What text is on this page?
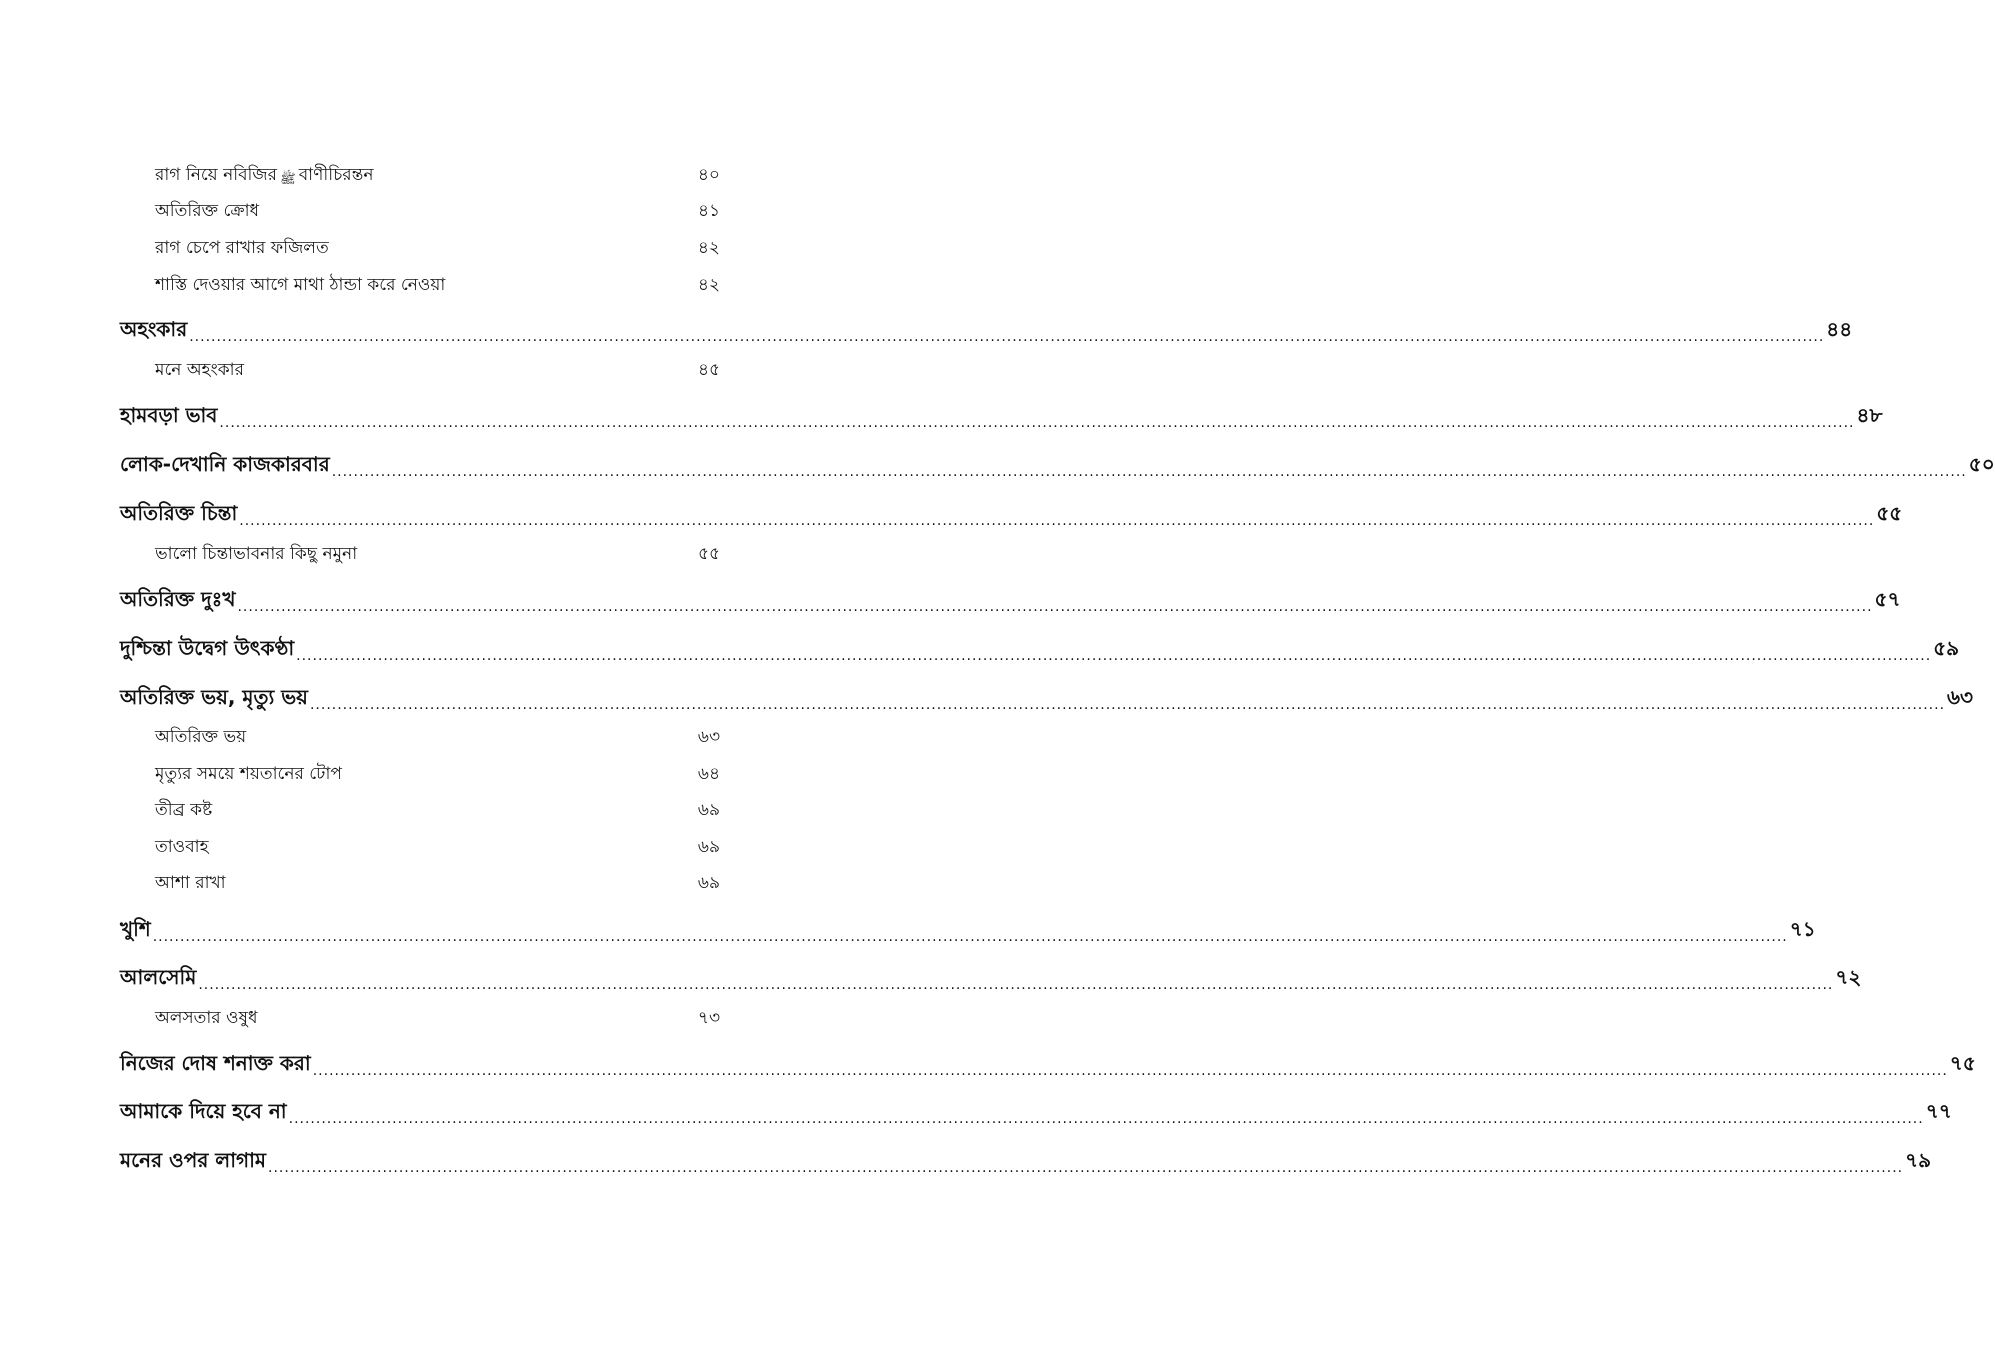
রাগ নিয়ে নবিজির ﷺ বাণীচিরন্তন	৪০
অতিরিক্ত ক্রোধ	৪১
রাগ চেপে রাখার ফজিলত	৪২
শাস্তি দেওয়ার আগে মাথা ঠান্ডা করে নেওয়া	৪২
অহংকার ............................................................................................................................................................................................................................................................................................................ ৪৪
মনে অহংকার	৪৫
হামবড়া ভাব ............................................................................................................................................................................................................................................................................................................ ৪৮
লোক-দেখানি কাজকারবার ............................................................................................................................................................................................................................................................................................................ ৫০
অতিরিক্ত চিন্তা ............................................................................................................................................................................................................................................................................................................ ৫৫
ভালো চিন্তাভাবনার কিছু নমুনা	৫৫
অতিরিক্ত দুঃখ ............................................................................................................................................................................................................................................................................................................ ৫৭
দুশ্চিন্তা উদ্বেগ উৎকণ্ঠা ............................................................................................................................................................................................................................................................................................................ ৫৯
অতিরিক্ত ভয়, মৃত্যু ভয় ............................................................................................................................................................................................................................................................................................................ ৬৩
অতিরিক্ত ভয়	৬৩
মৃত্যুর সময়ে শয়তানের টোপ	৬৪
তীব্র কষ্ট	৬৯
তাওবাহ	৬৯
আশা রাখা	৬৯
খুশি ............................................................................................................................................................................................................................................................................................................ ৭১
আলসেমি ............................................................................................................................................................................................................................................................................................................ ৭২
অলসতার ওষুধ	৭৩
নিজের দোষ শনাক্ত করা ............................................................................................................................................................................................................................................................................................................ ৭৫
আমাকে দিয়ে হবে না ............................................................................................................................................................................................................................................................................................................ ৭৭
মনের ওপর লাগাম ............................................................................................................................................................................................................................................................................................................ ৭৯
